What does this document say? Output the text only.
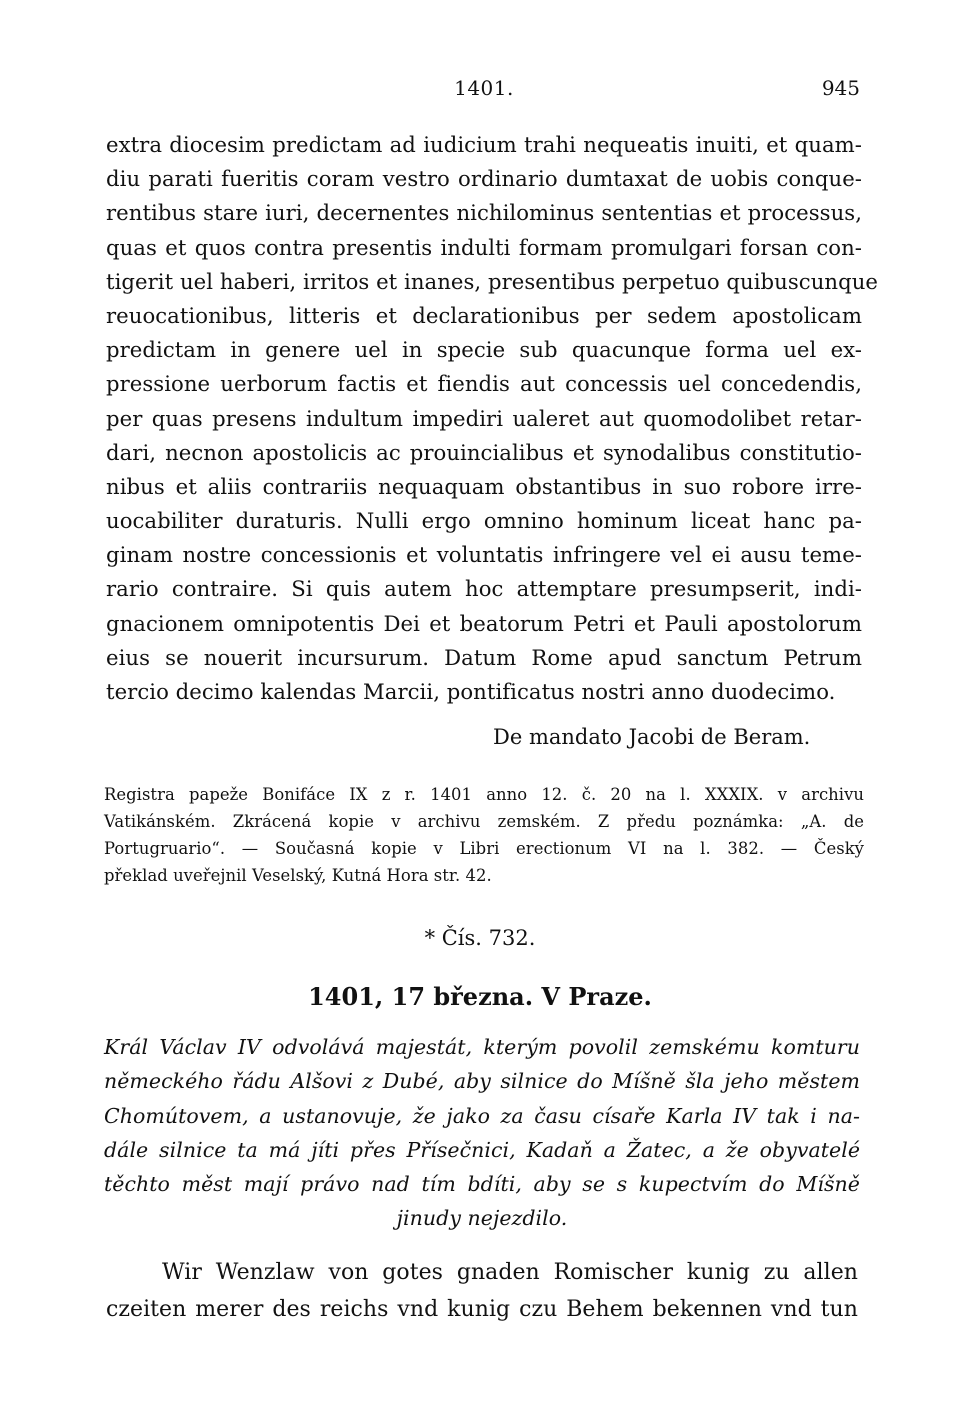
1401.	945
extra diocesim predictam ad iudicium trahi nequeatis inuiti, et quam-
diu parati fueritis coram vestro ordinario dumtaxat de uobis conque-
rentibus stare iuri, decernentes nichilominus sententias et processus,
quas et quos contra presentis indulti formam promulgari forsan con-
tigerit uel haberi, irritos et inanes, presentibus perpetuo quibuscunque
reuocationibus, litteris et declarationibus per sedem apostolicam
predictam in genere uel in specie sub quacunque forma uel ex-
pressione uerborum factis et fiendis aut concessis uel concedendis,
per quas presens indultum impediri ualeret aut quomodolibet retar-
dari, necnon apostolicis ac prouincialibus et synodalibus constitutio-
nibus et aliis contrariis nequaquam obstantibus in suo robore irre-
uocabiliter duraturis. Nulli ergo omnino hominum liceat hanc pa-
ginam nostre concessionis et voluntatis infringere vel ei ausu teme-
rario contraire. Si quis autem hoc attemptare presumpserit, indi-
gnacionem omnipotentis Dei et beatorum Petri et Pauli apostolorum
eius se nouerit incursurum. Datum Rome apud sanctum Petrum
tercio decimo kalendas Marcii, pontificatus nostri anno duodecimo.
De mandato Jacobi de Beram.
Registra papeže Bonifáce IX z r. 1401 anno 12. č. 20 na l. XXXIX. v archivu
Vatikánském. Zkrácená kopie v archivu zemském. Z předu poznámka: „A. de
Portugruario“. — Současná kopie v Libri erectionum VI na l. 382. — Český
překlad uveřejnil Veselský, Kutná Hora str. 42.
* Čís. 732.
1401, 17 března. V Praze.
Král Václav IV odvolává majestát, kterým povolil zemskému komturu
německého řádu Alšovi z Dubé, aby silnice do Míšně šla jeho městem
Chomútovem, a ustanovuje, že jako za času císaře Karla IV tak i na-
dále silnice ta má jíti přes Přísečnici, Kadaň a Žatec, a že obyvatelé
těchto měst mají právo nad tím bdíti, aby se s kupectvím do Míšně
jinudy nejezdilo.
Wir Wenzlaw von gotes gnaden Romischer kunig zu allen
czeiten merer des reichs vnd kunig czu Behem bekennen vnd tun
